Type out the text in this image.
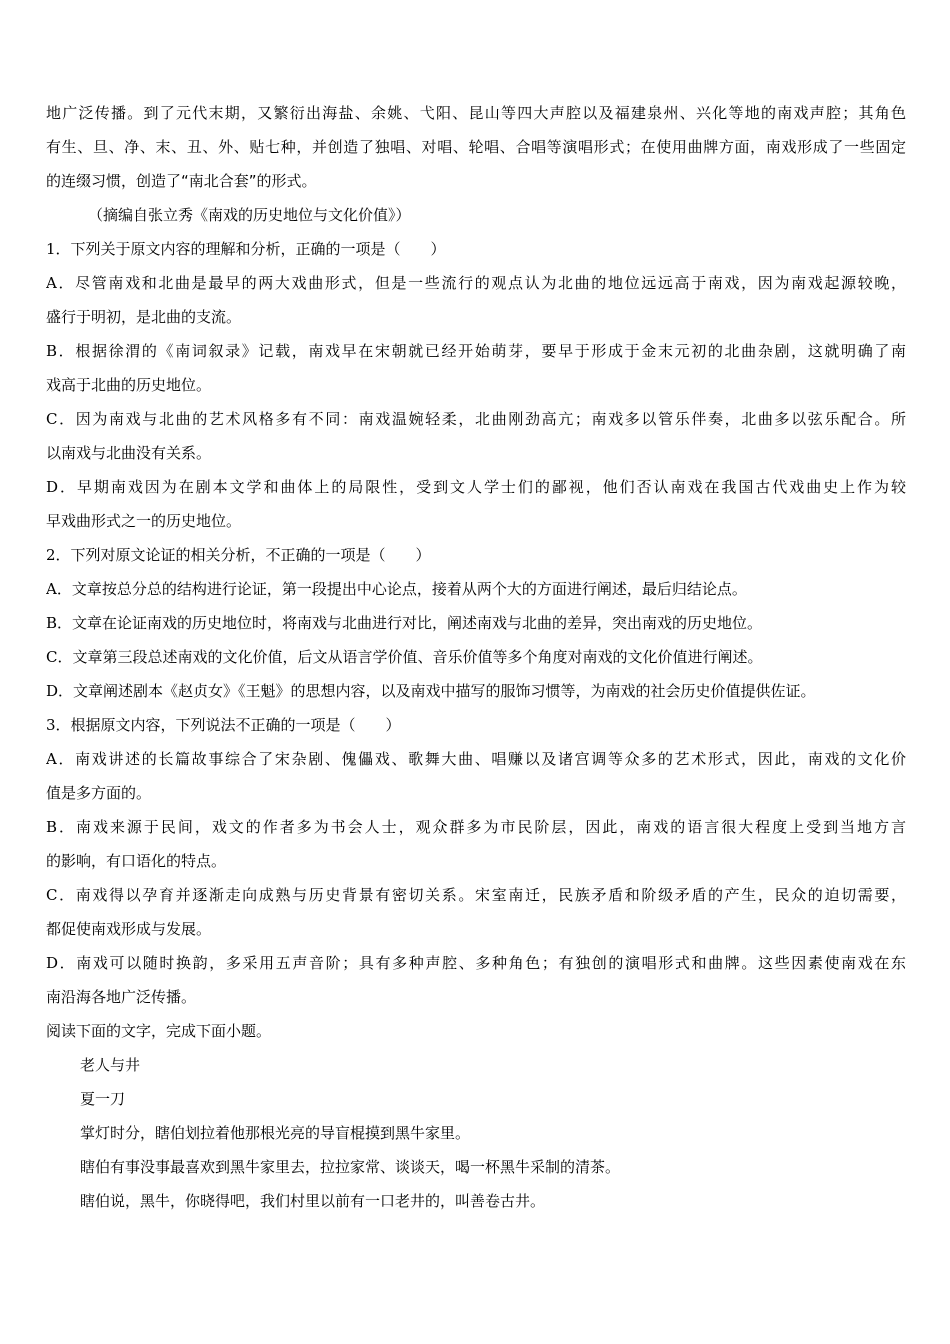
地广泛传播。到了元代末期，又繁衍出海盐、余姚、弋阳、昆山等四大声腔以及福建泉州、兴化等地的南戏声腔；其角色
有生、旦、净、末、丑、外、贴七种，并创造了独唱、对唱、轮唱、合唱等演唱形式；在使用曲牌方面，南戏形成了一些固定
的连缀习惯，创造了“南北合套”的形式。
（摘编自张立秀《南戏的历史地位与文化价值》）
1．下列关于原文内容的理解和分析，正确的一项是（　　）
A．尽管南戏和北曲是最早的两大戏曲形式，但是一些流行的观点认为北曲的地位远远高于南戏，因为南戏起源较晚，
盛行于明初，是北曲的支流。
B．根据徐渭的《南词叙录》记载，南戏早在宋朝就已经开始萌芽，要早于形成于金末元初的北曲杂剧，这就明确了南
戏高于北曲的历史地位。
C．因为南戏与北曲的艺术风格多有不同：南戏温婉轻柔，北曲刚劲高亢；南戏多以管乐伴奏，北曲多以弦乐配合。所
以南戏与北曲没有关系。
D．早期南戏因为在剧本文学和曲体上的局限性，受到文人学士们的鄙视，他们否认南戏在我国古代戏曲史上作为较
早戏曲形式之一的历史地位。
2．下列对原文论证的相关分析，不正确的一项是（　　）
A．文章按总分总的结构进行论证，第一段提出中心论点，接着从两个大的方面进行阐述，最后归结论点。
B．文章在论证南戏的历史地位时，将南戏与北曲进行对比，阐述南戏与北曲的差异，突出南戏的历史地位。
C．文章第三段总述南戏的文化价值，后文从语言学价值、音乐价值等多个角度对南戏的文化价值进行阐述。
D．文章阐述剧本《赵贞女》《王魁》的思想内容，以及南戏中描写的服饰习惯等，为南戏的社会历史价值提供佐证。
3．根据原文内容，下列说法不正确的一项是（　　）
A．南戏讲述的长篇故事综合了宋杂剧、傀儡戏、歌舞大曲、唱赚以及诸宫调等众多的艺术形式，因此，南戏的文化价
值是多方面的。
B．南戏来源于民间，戏文的作者多为书会人士，观众群多为市民阶层，因此，南戏的语言很大程度上受到当地方言
的影响，有口语化的特点。
C．南戏得以孕育并逐渐走向成熟与历史背景有密切关系。宋室南迁，民族矛盾和阶级矛盾的产生，民众的迫切需要，
都促使南戏形成与发展。
D．南戏可以随时换韵，多采用五声音阶；具有多种声腔、多种角色；有独创的演唱形式和曲牌。这些因素使南戏在东
南沿海各地广泛传播。
阅读下面的文字，完成下面小题。
老人与井
夏一刀
掌灯时分，瞎伯划拉着他那根光亮的导盲棍摸到黑牛家里。
瞎伯有事没事最喜欢到黑牛家里去，拉拉家常、谈谈天，喝一杯黑牛采制的清茶。
瞎伯说，黑牛，你晓得吧，我们村里以前有一口老井的，叫善卷古井。
